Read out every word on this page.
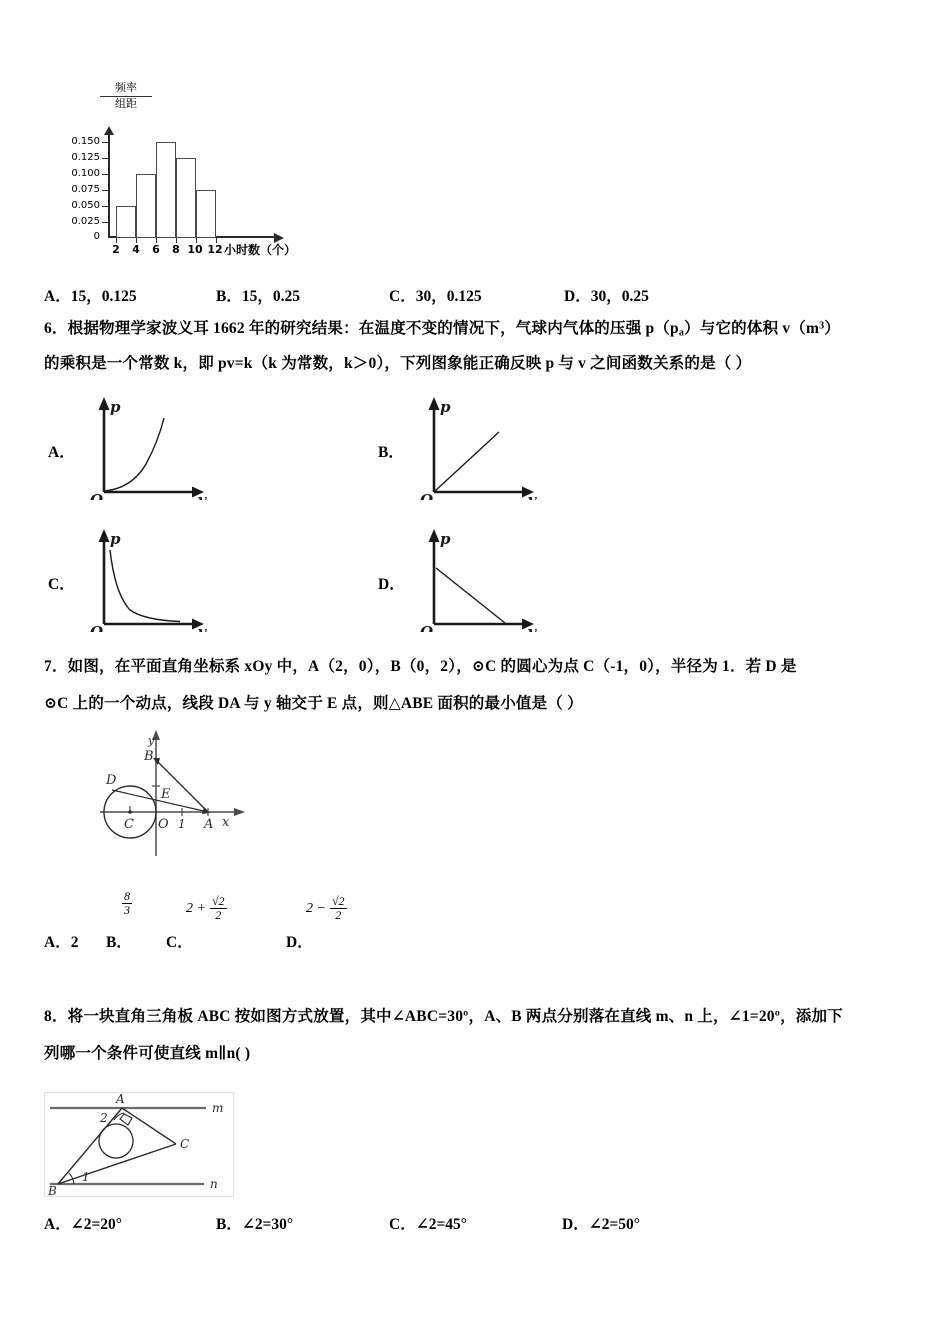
频率
组距
0.150
0.125
0.100
0.075
0.050
0.025
0
2	4	6	8 10 12 小时数（个）
A．15，0.125	B．15，0.25	C．30，0.125	D．30，0.25
6．根据物理学家波义耳 1662 年的研究结果：在温度不变的情况下，气球内气体的压强 $p(p_a)$与它的体积 $v(m^3)$
的乘积是一个常数 k，即 pv=k（k 为常数，k＞0），下列图象能正确反映 p 与 v 之间函数关系的是（ ）
A．
p
O	v
B．
p
O	v
C．
p
O	v
D．
p
O	v
7．如图，在平面直角坐标系 xOy 中，A（2，0），B（0，2），⊙C 的圆心为点 C（‐1，0），半径为 1．若 D 是
⊙C 上的一个动点，线段 DA 与 y 轴交于 E 点，则△ABE 面积的最小值是（ ）
y
B
D
E
C O 1 A x
$\frac{8}{3}$	$2 + \frac{√2}{2}$	$2 - \frac{√2}{2}$
A．2 B． C．	D．
8．将一块直角三角板 ABC 按如图方式放置，其中∠ABC=30º，A、B 两点分别落在直线 m、n 上，∠1=20º，添加下
列哪一个条件可使直线 m∥n( )
m
n
A
B
C
1
2
A．∠2=20°	B．∠2=30°	C．∠2=45°	D．∠2=50°
